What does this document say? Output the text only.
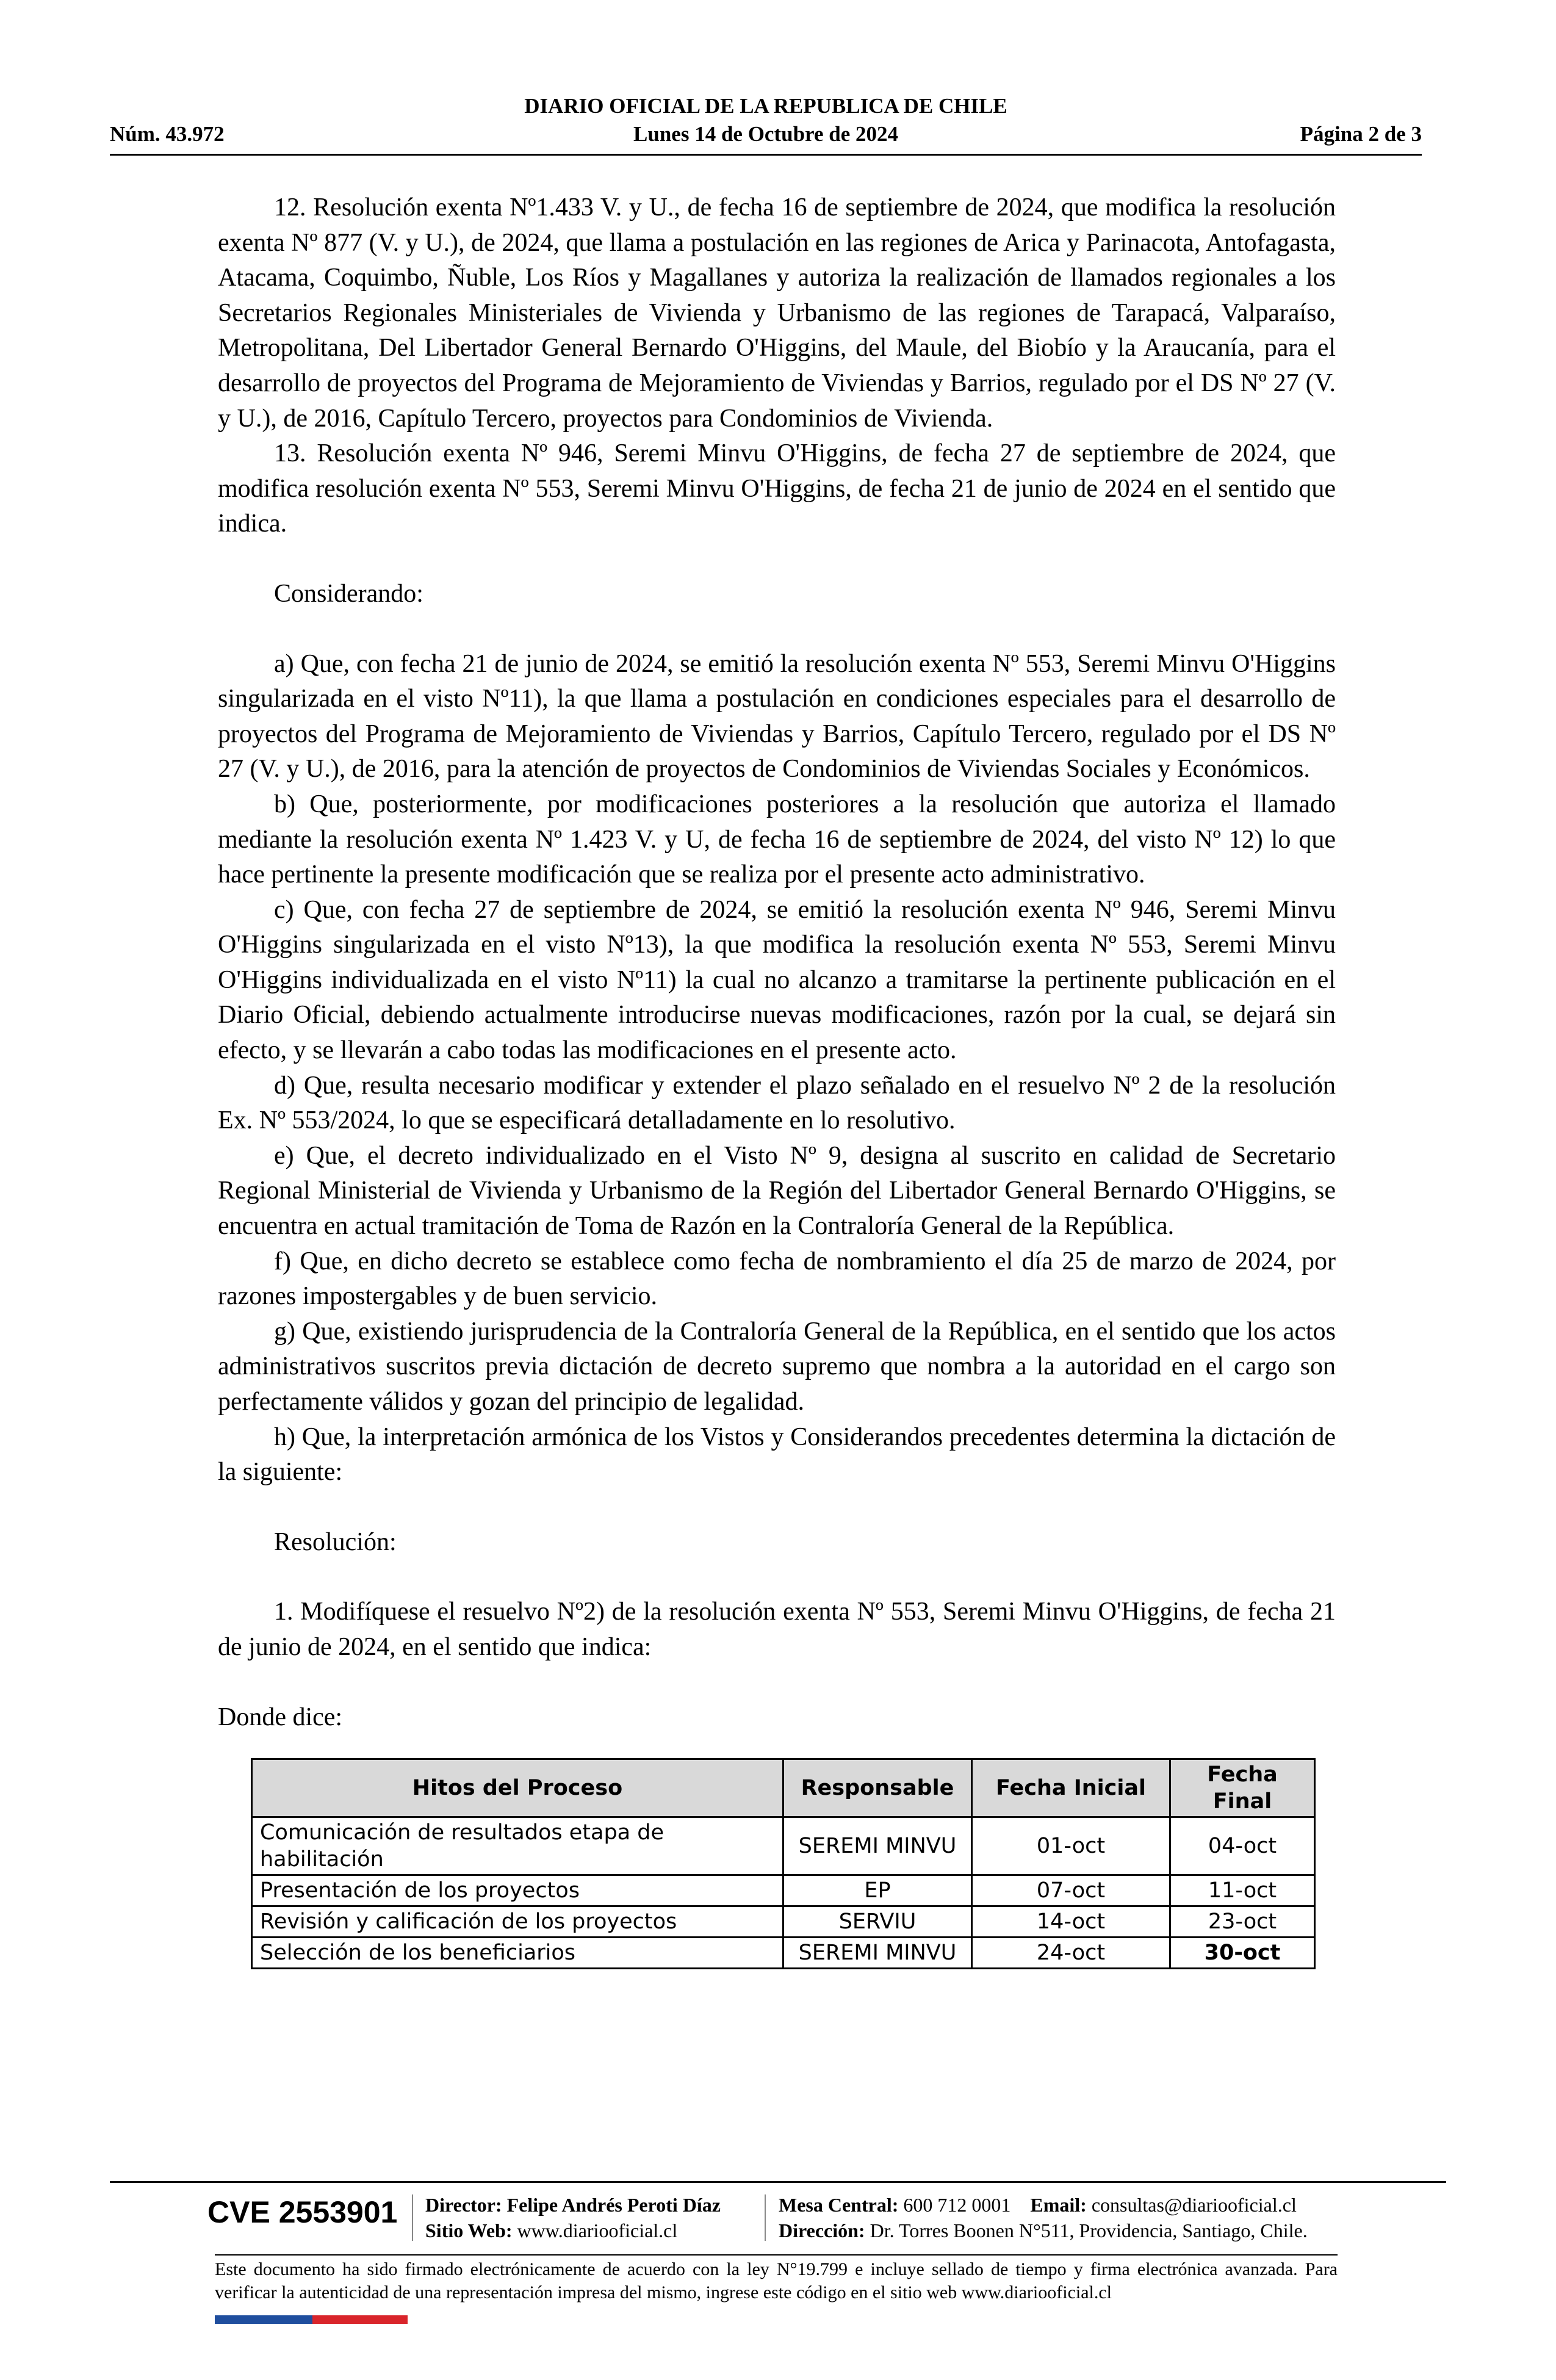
DIARIO OFICIAL DE LA REPUBLICA DE CHILE
Núm. 43.972	Lunes 14 de Octubre de 2024	Página 2 de 3

12. Resolución exenta Nº1.433 V. y U., de fecha 16 de septiembre de 2024, que modifica la resolución exenta Nº 877 (V. y U.), de 2024, que llama a postulación en las regiones de Arica y Parinacota, Antofagasta, Atacama, Coquimbo, Ñuble, Los Ríos y Magallanes y autoriza la realización de llamados regionales a los Secretarios Regionales Ministeriales de Vivienda y Urbanismo de las regiones de Tarapacá, Valparaíso, Metropolitana, Del Libertador General Bernardo O'Higgins, del Maule, del Biobío y la Araucanía, para el desarrollo de proyectos del Programa de Mejoramiento de Viviendas y Barrios, regulado por el DS Nº 27 (V. y U.), de 2016, Capítulo Tercero, proyectos para Condominios de Vivienda.

13. Resolución exenta Nº 946, Seremi Minvu O'Higgins, de fecha 27 de septiembre de 2024, que modifica resolución exenta Nº 553, Seremi Minvu O'Higgins, de fecha 21 de junio de 2024 en el sentido que indica.

Considerando:

a) Que, con fecha 21 de junio de 2024, se emitió la resolución exenta Nº 553, Seremi Minvu O'Higgins singularizada en el visto Nº11), la que llama a postulación en condiciones especiales para el desarrollo de proyectos del Programa de Mejoramiento de Viviendas y Barrios, Capítulo Tercero, regulado por el DS Nº 27 (V. y U.), de 2016, para la atención de proyectos de Condominios de Viviendas Sociales y Económicos.

b) Que, posteriormente, por modificaciones posteriores a la resolución que autoriza el llamado mediante la resolución exenta Nº 1.423 V. y U, de fecha 16 de septiembre de 2024, del visto Nº 12) lo que hace pertinente la presente modificación que se realiza por el presente acto administrativo.

c) Que, con fecha 27 de septiembre de 2024, se emitió la resolución exenta Nº 946, Seremi Minvu O'Higgins singularizada en el visto Nº13), la que modifica la resolución exenta Nº 553, Seremi Minvu O'Higgins individualizada en el visto Nº11) la cual no alcanzo a tramitarse la pertinente publicación en el Diario Oficial, debiendo actualmente introducirse nuevas modificaciones, razón por la cual, se dejará sin efecto, y se llevarán a cabo todas las modificaciones en el presente acto.

d) Que, resulta necesario modificar y extender el plazo señalado en el resuelvo Nº 2 de la resolución Ex. Nº 553/2024, lo que se especificará detalladamente en lo resolutivo.

e) Que, el decreto individualizado en el Visto Nº 9, designa al suscrito en calidad de Secretario Regional Ministerial de Vivienda y Urbanismo de la Región del Libertador General Bernardo O'Higgins, se encuentra en actual tramitación de Toma de Razón en la Contraloría General de la República.

f) Que, en dicho decreto se establece como fecha de nombramiento el día 25 de marzo de 2024, por razones impostergables y de buen servicio.

g) Que, existiendo jurisprudencia de la Contraloría General de la República, en el sentido que los actos administrativos suscritos previa dictación de decreto supremo que nombra a la autoridad en el cargo son perfectamente válidos y gozan del principio de legalidad.

h) Que, la interpretación armónica de los Vistos y Considerandos precedentes determina la dictación de la siguiente:

Resolución:

1. Modifíquese el resuelvo Nº2) de la resolución exenta Nº 553, Seremi Minvu O'Higgins, de fecha 21 de junio de 2024, en el sentido que indica:

Donde dice:

Hitos del Proceso	Responsable	Fecha Inicial	Fecha Final
Comunicación de resultados etapa de habilitación	SEREMI MINVU	01-oct	04-oct
Presentación de los proyectos	EP	07-oct	11-oct
Revisión y calificación de los proyectos	SERVIU	14-oct	23-oct
Selección de los beneficiarios	SEREMI MINVU	24-oct	30-oct
CVE 2553901 Director: Felipe Andrés Peroti Díaz
Sitio Web: www.diariooficial.cl
Mesa Central: 600 712 0001 Email: consultas@diariooficial.cl
Dirección: Dr. Torres Boonen N°511, Providencia, Santiago, Chile.
Este documento ha sido firmado electrónicamente de acuerdo con la ley N°19.799 e incluye sellado de tiempo y firma electrónica avanzada. Para verificar la autenticidad de una representación impresa del mismo, ingrese este código en el sitio web www.diariooficial.cl
